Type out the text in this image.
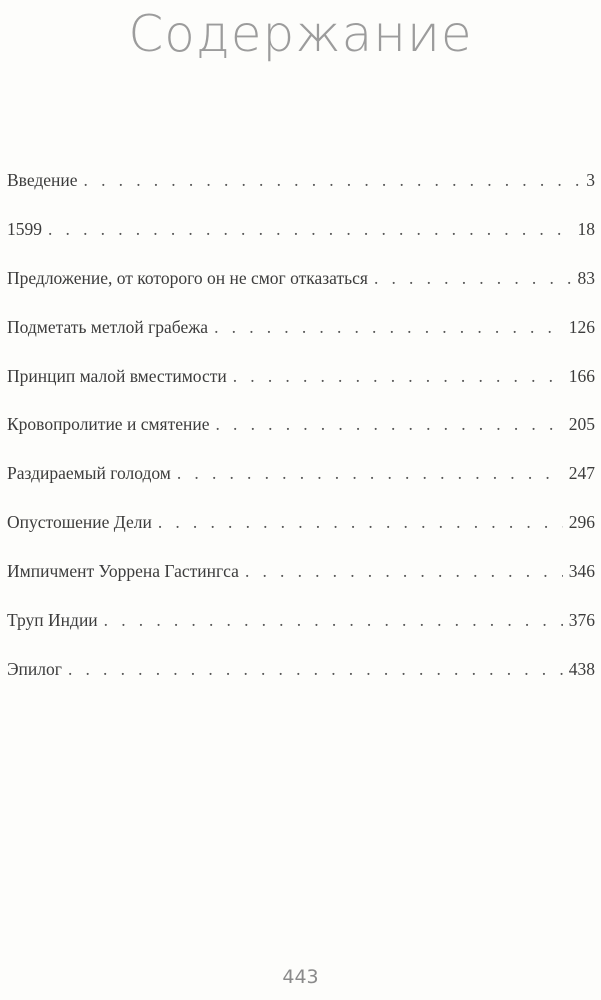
Содержание
Введение . . .	3
1599 . . .	18
Предложение, от которого он не смог отказаться . . .	83
Подметать метлой грабежа . . .	126
Принцип малой вместимости . . .	166
Кровопролитие и смятение . . .	205
Раздираемый голодом . . .	247
Опустошение Дели . . .	296
Импичмент Уоррена Гастингса . . .	346
Труп Индии . . .	376
Эпилог . . .	438
443
